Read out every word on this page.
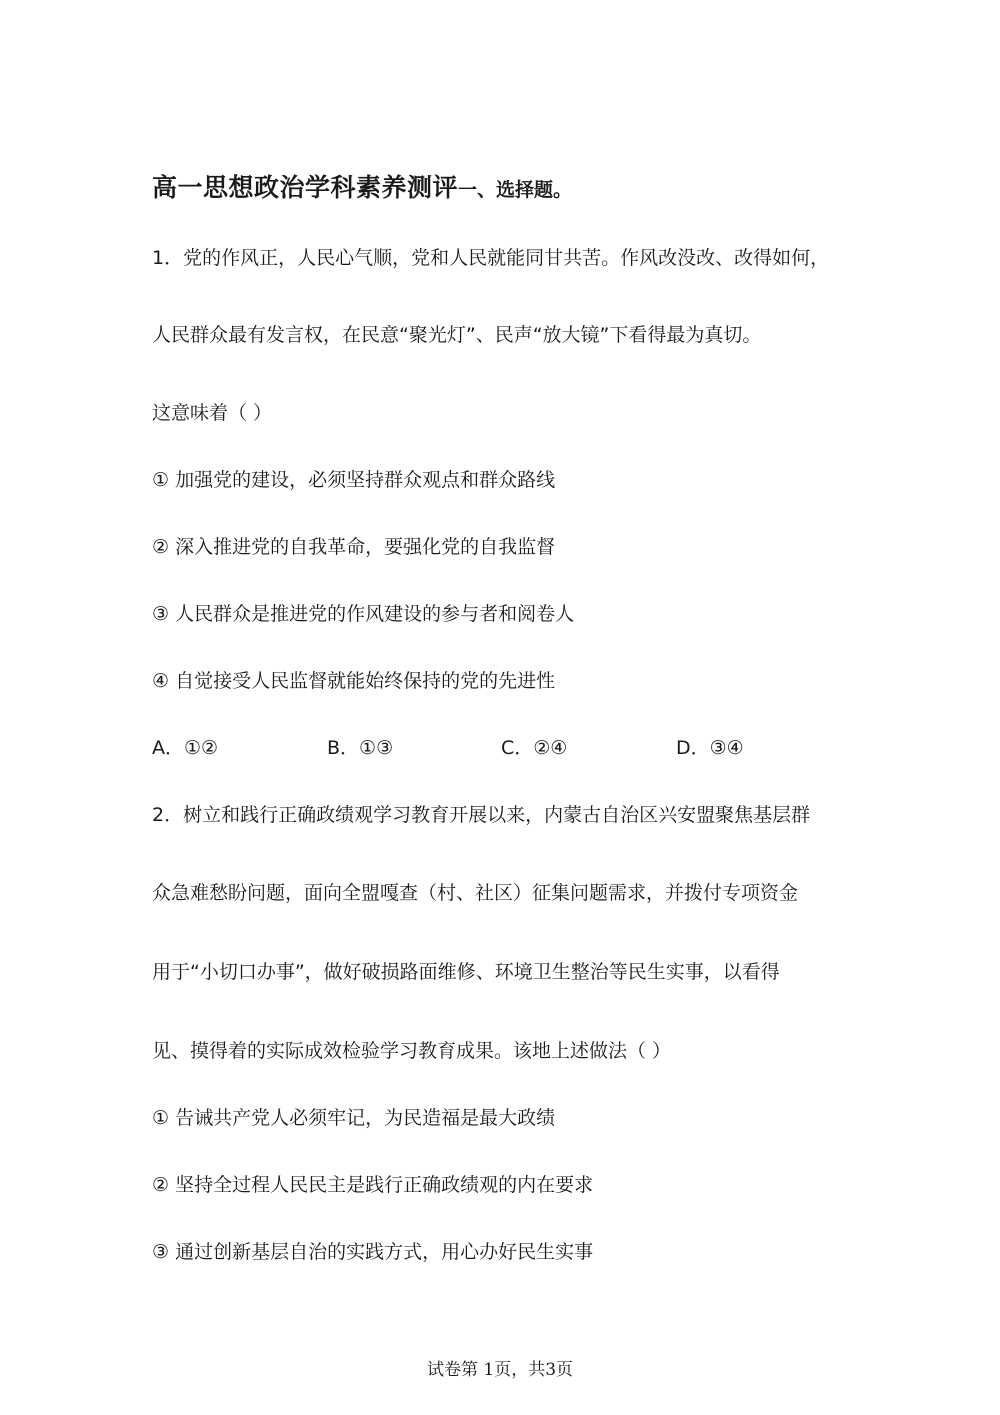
高一思想政治学科素养测评一、选择题。
1．党的作风正，人民心气顺，党和人民就能同甘共苦。作风改没改、改得如何，
人民群众最有发言权，在民意“聚光灯”、民声“放大镜”下看得最为真切。
这意味着（ ）
① 加强党的建设，必须坚持群众观点和群众路线
② 深入推进党的自我革命，要强化党的自我监督
③ 人民群众是推进党的作风建设的参与者和阅卷人
④ 自觉接受人民监督就能始终保持的党的先进性
A．①②	B．①③	C．②④	D．③④
2．树立和践行正确政绩观学习教育开展以来，内蒙古自治区兴安盟聚焦基层群
众急难愁盼问题，面向全盟嘎查（村、社区）征集问题需求，并拨付专项资金
用于“小切口办事”，做好破损路面维修、环境卫生整治等民生实事，以看得
见、摸得着的实际成效检验学习教育成果。该地上述做法（ ）
① 告诫共产党人必须牢记，为民造福是最大政绩
② 坚持全过程人民民主是践行正确政绩观的内在要求
③ 通过创新基层自治的实践方式，用心办好民生实事
试卷第 1页，共3页
